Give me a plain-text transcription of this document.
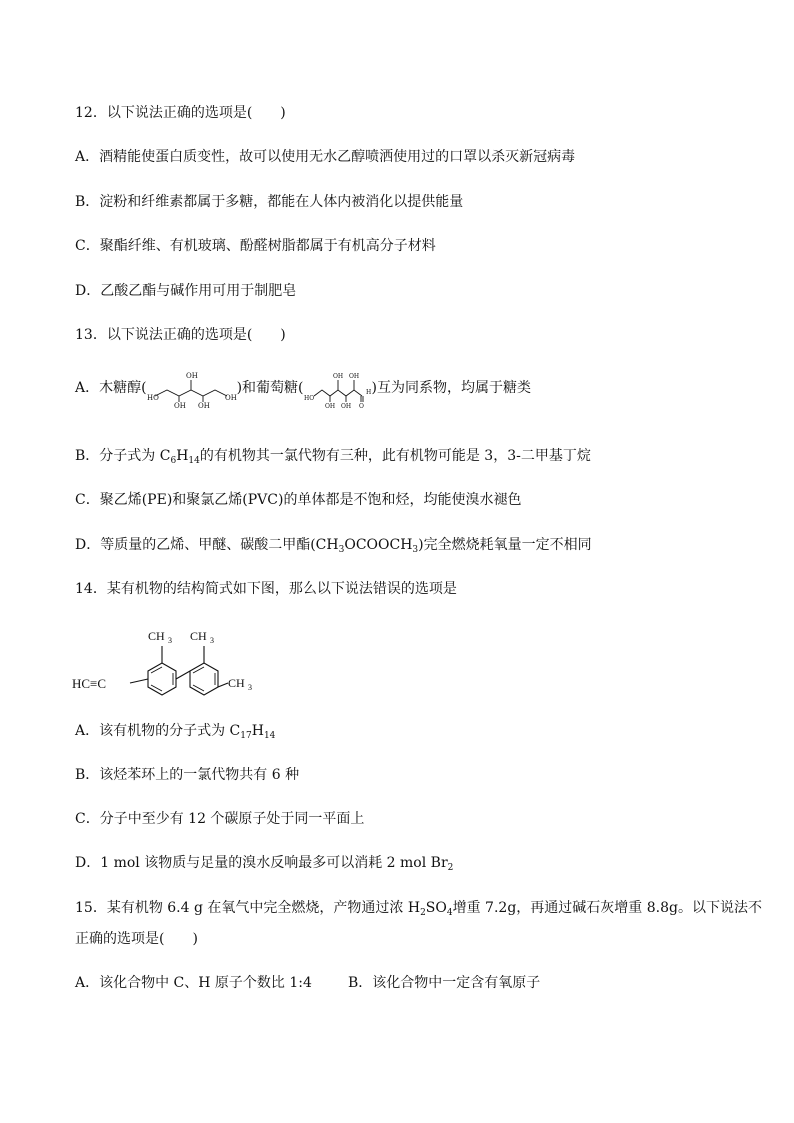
12．以下说法正确的选项是(　　)
A．酒精能使蛋白质变性，故可以使用无水乙醇喷洒使用过的口罩以杀灭新冠病毒
B．淀粉和纤维素都属于多糖，都能在人体内被消化以提供能量
C．聚酯纤维、有机玻璃、酚醛树脂都属于有机高分子材料
D．乙酸乙酯与碱作用可用于制肥皂
13．以下说法正确的选项是(　　)
A．木糖醇(
HO
OH
OH OH
OH
)和葡萄糖(
HO
OH OH
OH OH O
H )互为同系物，均属于糖类
B．分子式为 $C_6H_{14}$的有机物其一氯代物有三种，此有机物可能是 3，3-二甲基丁烷
C．聚乙烯(PE)和聚氯乙烯(PVC)的单体都是不饱和烃，均能使溴水褪色
D．等质量的乙烯、甲醚、碳酸二甲酯$(CH_3OCOOCH_3)$完全燃烧耗氧量一定不相同
14．某有机物的结构简式如下图，那么以下说法错误的选项是
HC≡C
CH 3 CH 3
CH 3
A．该有机物的分子式为 $C_{17}H_{14}$
B．该烃苯环上的一氯代物共有 6 种
C．分子中至少有 12 个碳原子处于同一平面上
D．1 mol 该物质与足量的溴水反响最多可以消耗 2 mol $Br_2$
15．某有机物 6.4 g 在氧气中完全燃烧，产物通过浓 $H_2SO_4$增重 7.2g，再通过碱石灰增重 8.8g。以下说法不
正确的选项是(　　)
A．该化合物中 C、H 原子个数比 1:4	B．该化合物中一定含有氧原子
